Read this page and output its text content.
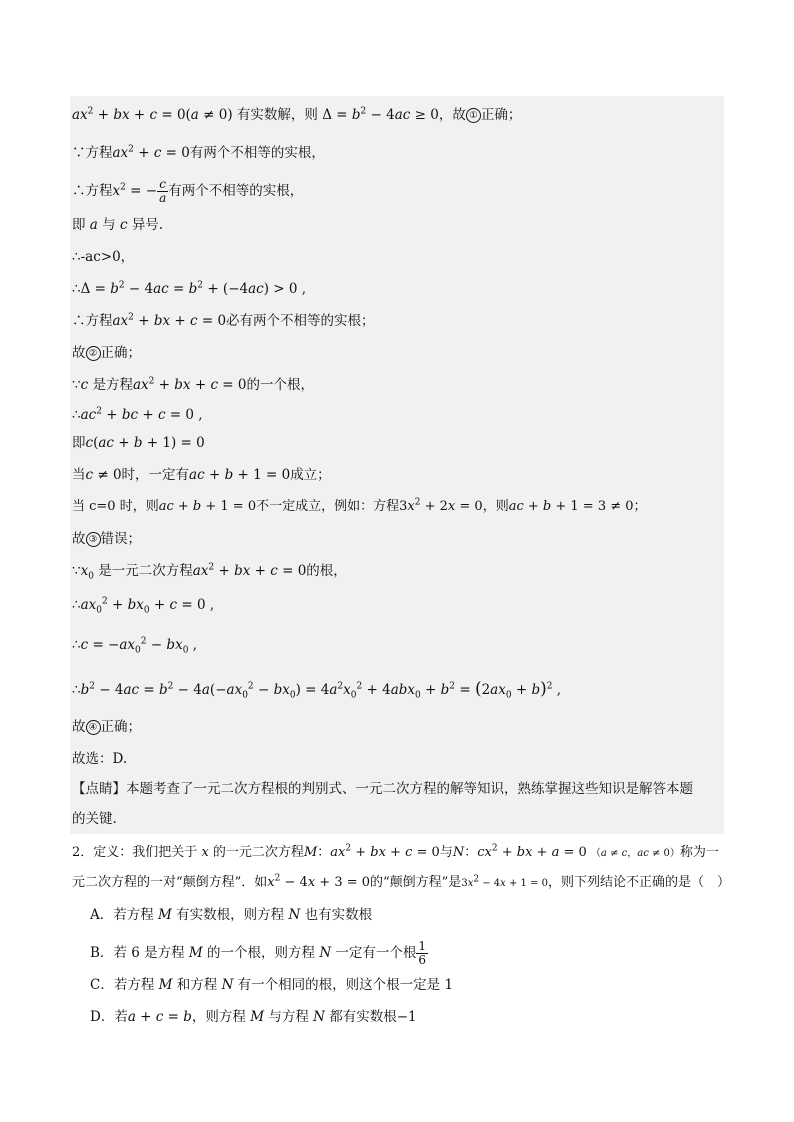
$ax^2$ + bx + c = 0(a ≠ 0) 有实数解，则 $\Delta = b^2 - 4ac \ge 0$，故 ① 正确；
∵方程$ax^2 + c = 0$有两个不相等的实根，
∴方程$x^2$ = − $\frac{c}{a}$ 有两个不相等的实根，
即 a 与 c 异号.
∴-ac>0，
∴Δ = $b^2 - 4ac = b^2 + (-4ac) > 0$ ,
∴方程$ax^2$ + bx + c = 0必有两个不相等的实根；
故 ② 正确；
∵c 是方程$ax^2$ + bx + c = 0的一个根，
$\therefore ac^2$ + bc + c = 0 ,
即c(ac + b + 1) = 0
当c ≠ 0时，一定有ac + b + 1 = 0成立；
当 c=0 时，则ac + b + 1 = 0不一定成立，例如：方程$3x^2 + 2x = 0$，则ac + b + 1 = 3 ≠ 0；
故 ③ 错误；
$\because x_0$ 是一元二次方程$ax^2$ + bx + c = 0的根，
$\therefore ax_0^2 + bx_0 + c = 0$ ,
∴c = $-ax_0^2 - bx_0$ ,
$\therefore b^2 - 4ac = b^2 - 4a(-ax_0^2 - bx_0) = 4a^2x_0^2 + 4abx_0 + b^2 = (2ax_0 + b)^2$ ,
故 ④ 正确；
故选：D.
【点睛】本题考查了一元二次方程根的判别式、一元二次方程的解等知识，熟练掌握这些知识是解答本题
的关键.
2．定义：我们把关于 x 的一元二次方程M：$ax^2$ + bx + c = 0与N：$cx^2$ + bx + a = 0 （a ≠ c，ac ≠ 0）称为一
元二次方程的一对“颠倒方程”．如$x^2 - 4x + 3 = 0$的“颠倒方程”是$3x^2 - 4x + 1 = 0$，则下列结论不正确的是（　）
A．若方程 M 有实数根，则方程 N 也有实数根
B．若 6 是方程 M 的一个根，则方程 N 一定有一个根 $\frac{1}{6}$
C．若方程 M 和方程 N 有一个相同的根，则这个根一定是 1
D．若a + c = b，则方程 M 与方程 N 都有实数根−1
